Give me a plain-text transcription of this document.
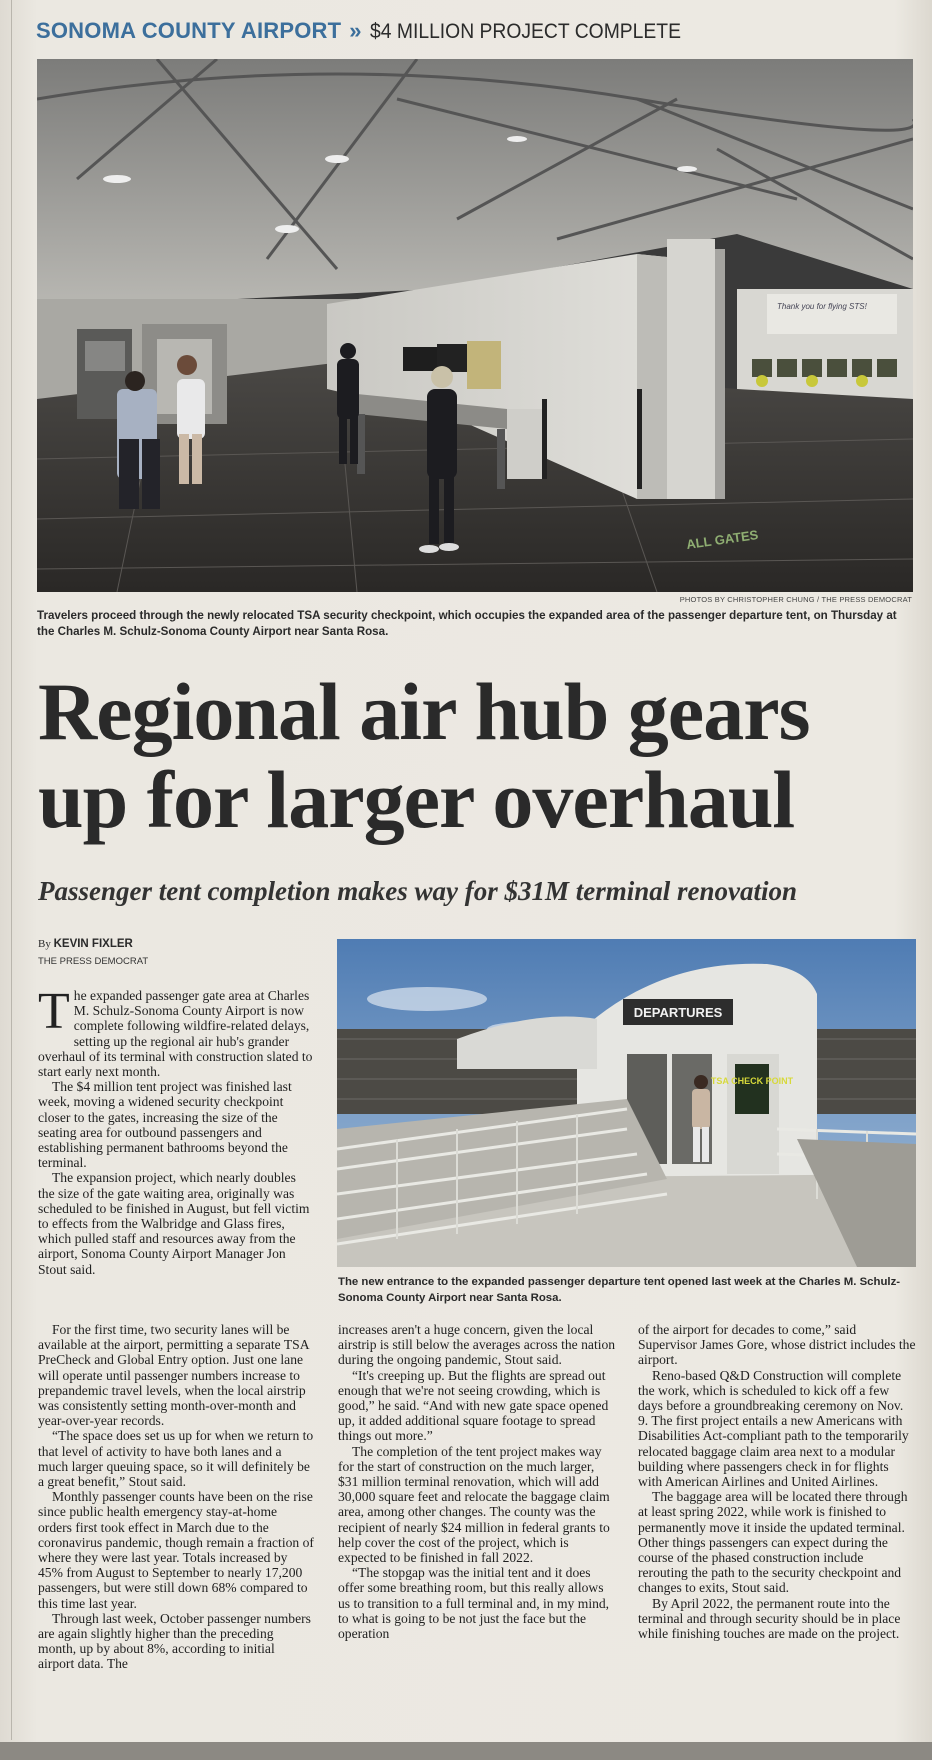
SONOMA COUNTY AIRPORT » $4 MILLION PROJECT COMPLETE
Thank you for flying STS!
ALL GATES
PHOTOS BY CHRISTOPHER CHUNG / THE PRESS DEMOCRAT
Travelers proceed through the newly relocated TSA security checkpoint, which occupies the expanded area of the passenger departure tent, on Thursday at the Charles M. Schulz-Sonoma County Airport near Santa Rosa.
Regional air hub gears up for larger overhaul
Passenger tent completion makes way for $31M terminal renovation
By KEVIN FIXLER
THE PRESS DEMOCRAT

The expanded passenger gate area at Charles M. Schulz-Sonoma County Airport is now complete following wildfire-related delays, setting up the regional air hub's grander overhaul of its terminal with construction slated to start early next month.

The $4 million tent project was finished last week, moving a widened security checkpoint closer to the gates, increasing the size of the seating area for outbound passengers and establishing permanent bathrooms beyond the terminal.

The expansion project, which nearly doubles the size of the gate waiting area, originally was scheduled to be finished in August, but fell victim to effects from the Walbridge and Glass fires, which pulled staff and resources away from the airport, Sonoma County Airport Manager Jon Stout said.

DEPARTURES
TSA CHECK POINT
The new entrance to the expanded passenger departure tent opened last week at the Charles M. Schulz-Sonoma County Airport near Santa Rosa.

For the first time, two security lanes will be available at the airport, permitting a separate TSA PreCheck and Global Entry option. Just one lane will operate until passenger numbers increase to prepandemic travel levels, when the local airstrip was consistently setting month-over-month and year-over-year records.

“The space does set us up for when we return to that level of activity to have both lanes and a much larger queuing space, so it will definitely be a great benefit,” Stout said.

Monthly passenger counts have been on the rise since public health emergency stay-at-home orders first took effect in March due to the coronavirus pandemic, though remain a fraction of where they were last year. Totals increased by 45% from August to September to nearly 17,200 passengers, but were still down 68% compared to this time last year.

Through last week, October passenger numbers are again slightly higher than the preceding month, up by about 8%, according to initial airport data. The

increases aren't a huge concern, given the local airstrip is still below the averages across the nation during the ongoing pandemic, Stout said.

“It's creeping up. But the flights are spread out enough that we're not seeing crowding, which is good,” he said. “And with new gate space opened up, it added additional square footage to spread things out more.”

The completion of the tent project makes way for the start of construction on the much larger, $31 million terminal renovation, which will add 30,000 square feet and relocate the baggage claim area, among other changes. The county was the recipient of nearly $24 million in federal grants to help cover the cost of the project, which is expected to be finished in fall 2022.

“The stopgap was the initial tent and it does offer some breathing room, but this really allows us to transition to a full terminal and, in my mind, to what is going to be not just the face but the operation

of the airport for decades to come,” said Supervisor James Gore, whose district includes the airport.

Reno-based Q&D Construction will complete the work, which is scheduled to kick off a few days before a groundbreaking ceremony on Nov. 9. The first project entails a new Americans with Disabilities Act-compliant path to the temporarily relocated baggage claim area next to a modular building where passengers check in for flights with American Airlines and United Airlines.

The baggage area will be located there through at least spring 2022, while work is finished to permanently move it inside the updated terminal. Other things passengers can expect during the course of the phased construction include rerouting the path to the security checkpoint and changes to exits, Stout said.

By April 2022, the permanent route into the terminal and through security should be in place while finishing touches are made on the project.
